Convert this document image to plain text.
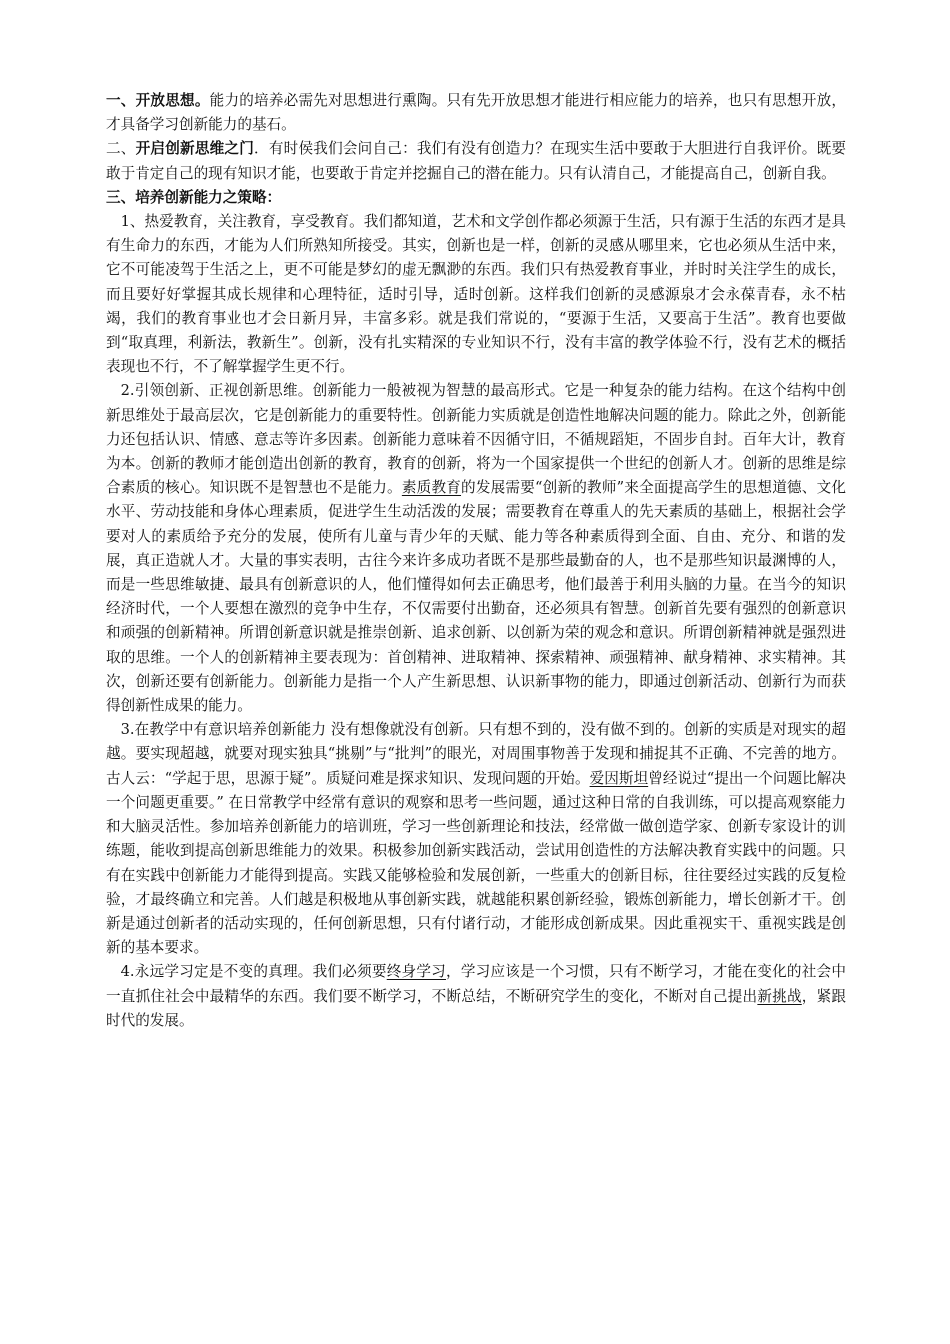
一、开放思想。能力的培养必需先对思想进行熏陶。只有先开放思想才能进行相应能力的培养，也只有思想开放，才具备学习创新能力的基石。

二、开启创新思维之门．有时侯我们会问自己：我们有没有创造力？在现实生活中要敢于大胆进行自我评价。既要敢于肯定自己的现有知识才能，也要敢于肯定并挖掘自己的潜在能力。只有认清自己，才能提高自己，创新自我。

三、培养创新能力之策略：

1、热爱教育，关注教育，享受教育。我们都知道，艺术和文学创作都必须源于生活，只有源于生活的东西才是具有生命力的东西，才能为人们所熟知所接受。其实，创新也是一样，创新的灵感从哪里来，它也必须从生活中来，它不可能凌驾于生活之上，更不可能是梦幻的虚无飘渺的东西。我们只有热爱教育事业，并时时关注学生的成长，而且要好好掌握其成长规律和心理特征，适时引导，适时创新。这样我们创新的灵感源泉才会永葆青春，永不枯竭，我们的教育事业也才会日新月异，丰富多彩。就是我们常说的，“要源于生活，又要高于生活”。教育也要做到“取真理，利新法，教新生”。创新，没有扎实精深的专业知识不行，没有丰富的教学体验不行，没有艺术的概括表现也不行，不了解掌握学生更不行。

2.引领创新、正视创新思维。创新能力一般被视为智慧的最高形式。它是一种复杂的能力结构。在这个结构中创新思维处于最高层次，它是创新能力的重要特性。创新能力实质就是创造性地解决问题的能力。除此之外，创新能力还包括认识、情感、意志等许多因素。创新能力意味着不因循守旧，不循规蹈矩，不固步自封。百年大计，教育为本。创新的教师才能创造出创新的教育，教育的创新，将为一个国家提供一个世纪的创新人才。创新的思维是综合素质的核心。知识既不是智慧也不是能力。素质教育的发展需要“创新的教师”来全面提高学生的思想道德、文化水平、劳动技能和身体心理素质，促进学生生动活泼的发展；需要教育在尊重人的先天素质的基础上，根据社会学要对人的素质给予充分的发展，使所有儿童与青少年的天赋、能力等各种素质得到全面、自由、充分、和谐的发展，真正造就人才。大量的事实表明，古往今来许多成功者既不是那些最勤奋的人，也不是那些知识最渊博的人，而是一些思维敏捷、最具有创新意识的人，他们懂得如何去正确思考，他们最善于利用头脑的力量。在当今的知识经济时代，一个人要想在激烈的竞争中生存，不仅需要付出勤奋，还必须具有智慧。创新首先要有强烈的创新意识和顽强的创新精神。所谓创新意识就是推崇创新、追求创新、以创新为荣的观念和意识。所谓创新精神就是强烈进取的思维。一个人的创新精神主要表现为：首创精神、进取精神、探索精神、顽强精神、献身精神、求实精神。其次，创新还要有创新能力。创新能力是指一个人产生新思想、认识新事物的能力，即通过创新活动、创新行为而获得创新性成果的能力。

3.在教学中有意识培养创新能力 没有想像就没有创新。只有想不到的，没有做不到的。创新的实质是对现实的超越。要实现超越，就要对现实独具“挑剔”与“批判”的眼光，对周围事物善于发现和捕捉其不正确、不完善的地方。古人云：“学起于思，思源于疑”。质疑问难是探求知识、发现问题的开始。爱因斯坦曾经说过“提出一个问题比解决一个问题更重要。” 在日常教学中经常有意识的观察和思考一些问题，通过这种日常的自我训练，可以提高观察能力和大脑灵活性。参加培养创新能力的培训班，学习一些创新理论和技法，经常做一做创造学家、创新专家设计的训练题，能收到提高创新思维能力的效果。积极参加创新实践活动，尝试用创造性的方法解决教育实践中的问题。只有在实践中创新能力才能得到提高。实践又能够检验和发展创新，一些重大的创新目标，往往要经过实践的反复检验，才最终确立和完善。人们越是积极地从事创新实践，就越能积累创新经验，锻炼创新能力，增长创新才干。创新是通过创新者的活动实现的，任何创新思想，只有付诸行动，才能形成创新成果。因此重视实干、重视实践是创新的基本要求。

4.永远学习定是不变的真理。我们必须要终身学习，学习应该是一个习惯，只有不断学习，才能在变化的社会中一直抓住社会中最精华的东西。我们要不断学习，不断总结，不断研究学生的变化，不断对自己提出新挑战，紧跟时代的发展。
